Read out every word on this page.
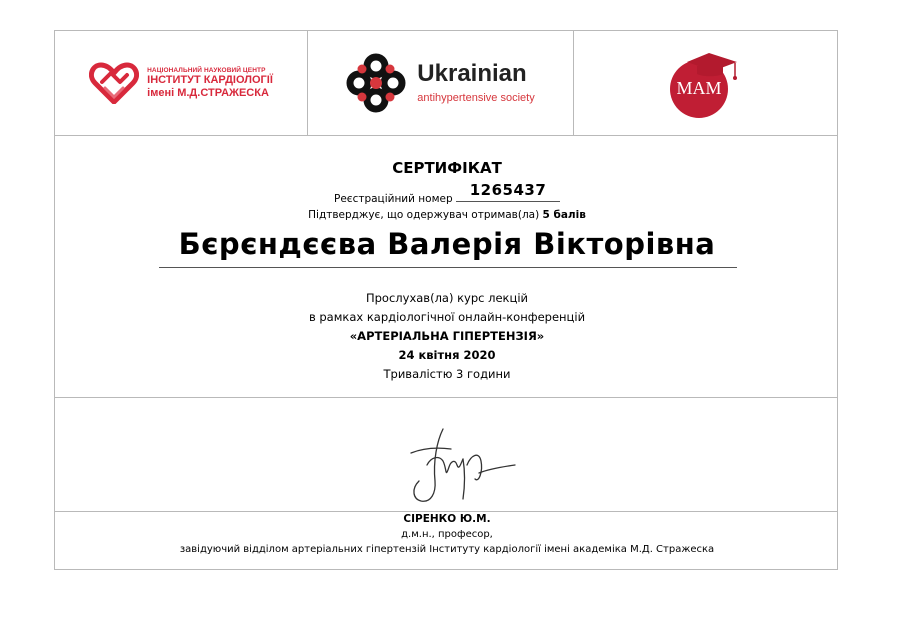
НАЦІОНАЛЬНИЙ НАУКОВИЙ ЦЕНТР
ІНСТИТУТ КАРДІОЛОГІЇ
імені М.Д.СТРАЖЕСКА
Ukrainian
antihypertensive society	МАМ
СЕРТИФІКАТ
Реєстраційний номер 1265437
Підтверджує, що одержувач отримав(ла) 5 балів
Бєрєндєєва Валерія Вікторівна
Прослухав(ла) курс лекцій
в рамках кардіологічної онлайн-конференцій
«АРТЕРІАЛЬНА ГІПЕРТЕНЗІЯ»
24 квітня 2020
Тривалістю 3 години
СІРЕНКО Ю.М.
д.м.н., професор,
завідуючий відділом артеріальних гіпертензій Інституту кардіології імені академіка М.Д. Стражеска
